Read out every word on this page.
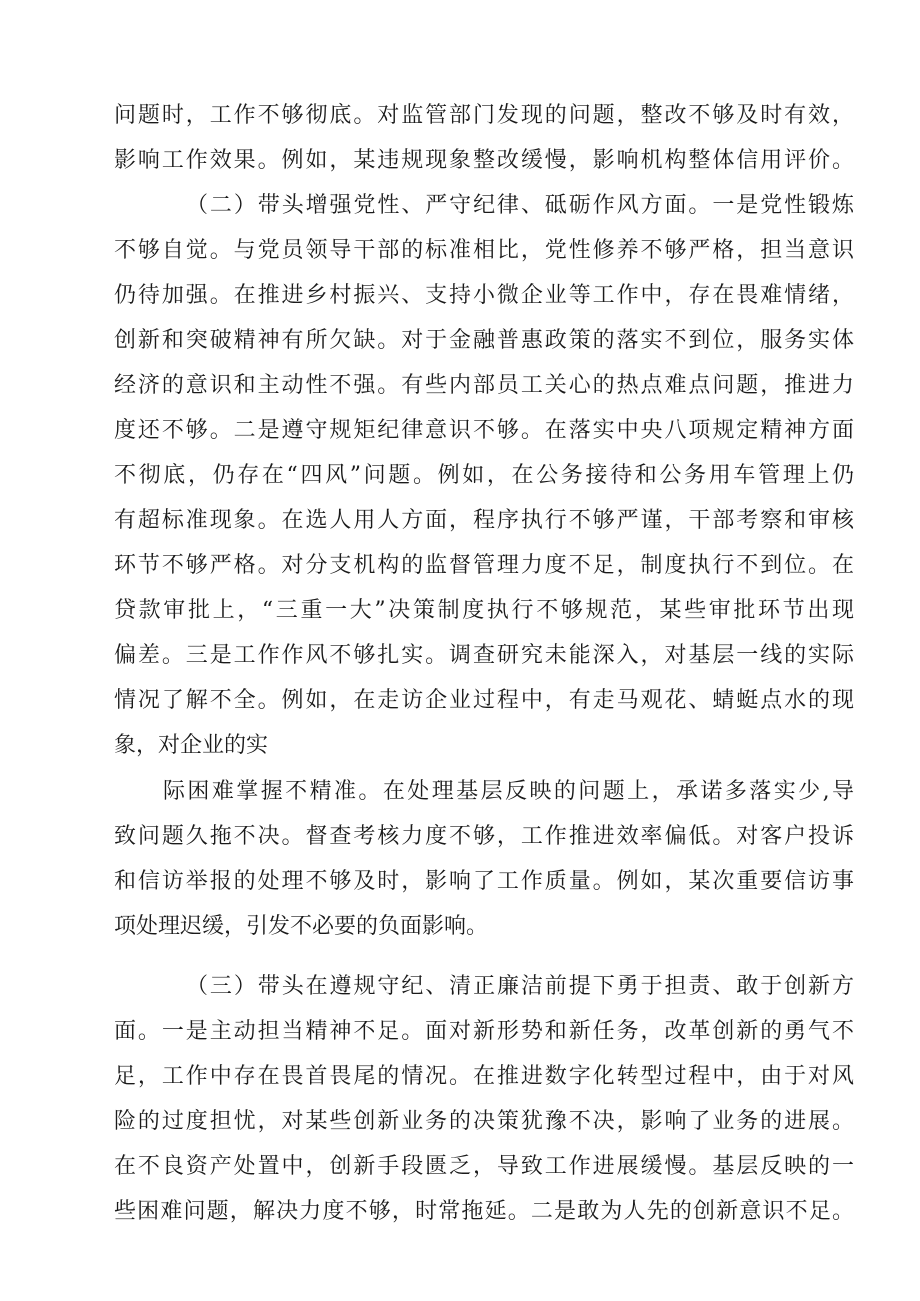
问题时，工作不够彻底。对监管部门发现的问题，整改不够及时有效，
影响工作效果。例如，某违规现象整改缓慢，影响机构整体信用评价。
（二）带头增强党性、严守纪律、砥砺作风方面。一是党性锻炼
不够自觉。与党员领导干部的标准相比，党性修养不够严格，担当意识
仍待加强。在推进乡村振兴、支持小微企业等工作中，存在畏难情绪，
创新和突破精神有所欠缺。对于金融普惠政策的落实不到位，服务实体
经济的意识和主动性不强。有些内部员工关心的热点难点问题，推进力
度还不够。二是遵守规矩纪律意识不够。在落实中央八项规定精神方面
不彻底，仍存在“四风”问题。例如，在公务接待和公务用车管理上仍
有超标准现象。在选人用人方面，程序执行不够严谨，干部考察和审核
环节不够严格。对分支机构的监督管理力度不足，制度执行不到位。在
贷款审批上，“三重一大”决策制度执行不够规范，某些审批环节出现
偏差。三是工作作风不够扎实。调查研究未能深入，对基层一线的实际
情况了解不全。例如，在走访企业过程中，有走马观花、蜻蜓点水的现
象，对企业的实
际困难掌握不精准。在处理基层反映的问题上，承诺多落实少,导
致问题久拖不决。督查考核力度不够，工作推进效率偏低。对客户投诉
和信访举报的处理不够及时，影响了工作质量。例如，某次重要信访事
项处理迟缓，引发不必要的负面影响。
（三）带头在遵规守纪、清正廉洁前提下勇于担责、敢于创新方
面。一是主动担当精神不足。面对新形势和新任务，改革创新的勇气不
足，工作中存在畏首畏尾的情况。在推进数字化转型过程中，由于对风
险的过度担忧，对某些创新业务的决策犹豫不决，影响了业务的进展。
在不良资产处置中，创新手段匮乏，导致工作进展缓慢。基层反映的一
些困难问题，解决力度不够，时常拖延。二是敢为人先的创新意识不足。
